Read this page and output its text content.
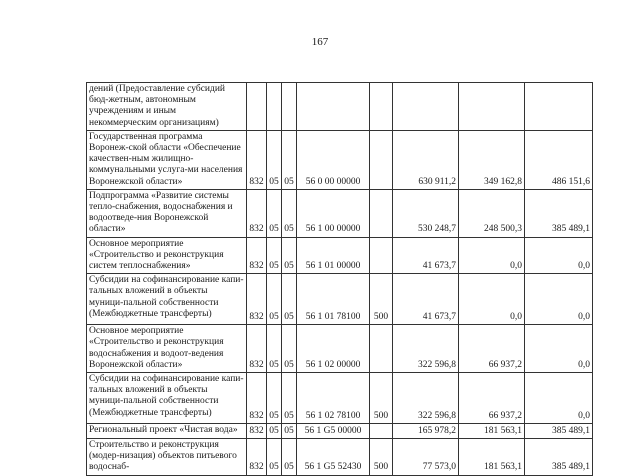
167
дений (Предоставление субсидий бюд-жетным, автономным учреждениям и иным некоммерческим организациям)								
Государственная программа Воронеж-ской области «Обеспечение качествен-ным жилищно-коммунальными услуга-ми населения Воронежской области»	832	05	05	56 0 00 00000		630 911,2	349 162,8	486 151,6
Подпрограмма «Развитие системы тепло-снабжения, водоснабжения и водоотведе-ния Воронежской области»	832	05	05	56 1 00 00000		530 248,7	248 500,3	385 489,1
Основное мероприятие «Строительство и реконструкция систем теплоснабжения»	832	05	05	56 1 01 00000		41 673,7	0,0	0,0
Субсидии на софинансирование капи-тальных вложений в объекты муници-пальной собственности (Межбюджетные трансферты)	832	05	05	56 1 01 78100	500	41 673,7	0,0	0,0
Основное мероприятие «Строительство и реконструкция водоснабжения и водоот-ведения Воронежской области»	832	05	05	56 1 02 00000		322 596,8	66 937,2	0,0
Субсидии на софинансирование капи-тальных вложений в объекты муници-пальной собственности (Межбюджетные трансферты)	832	05	05	56 1 02 78100	500	322 596,8	66 937,2	0,0
Региональный проект «Чистая вода»	832	05	05	56 1 G5 00000		165 978,2	181 563,1	385 489,1
Строительство и реконструкция (модер-низация) объектов питьевого водоснаб-	832	05	05	56 1 G5 52430	500	77 573,0	181 563,1	385 489,1
